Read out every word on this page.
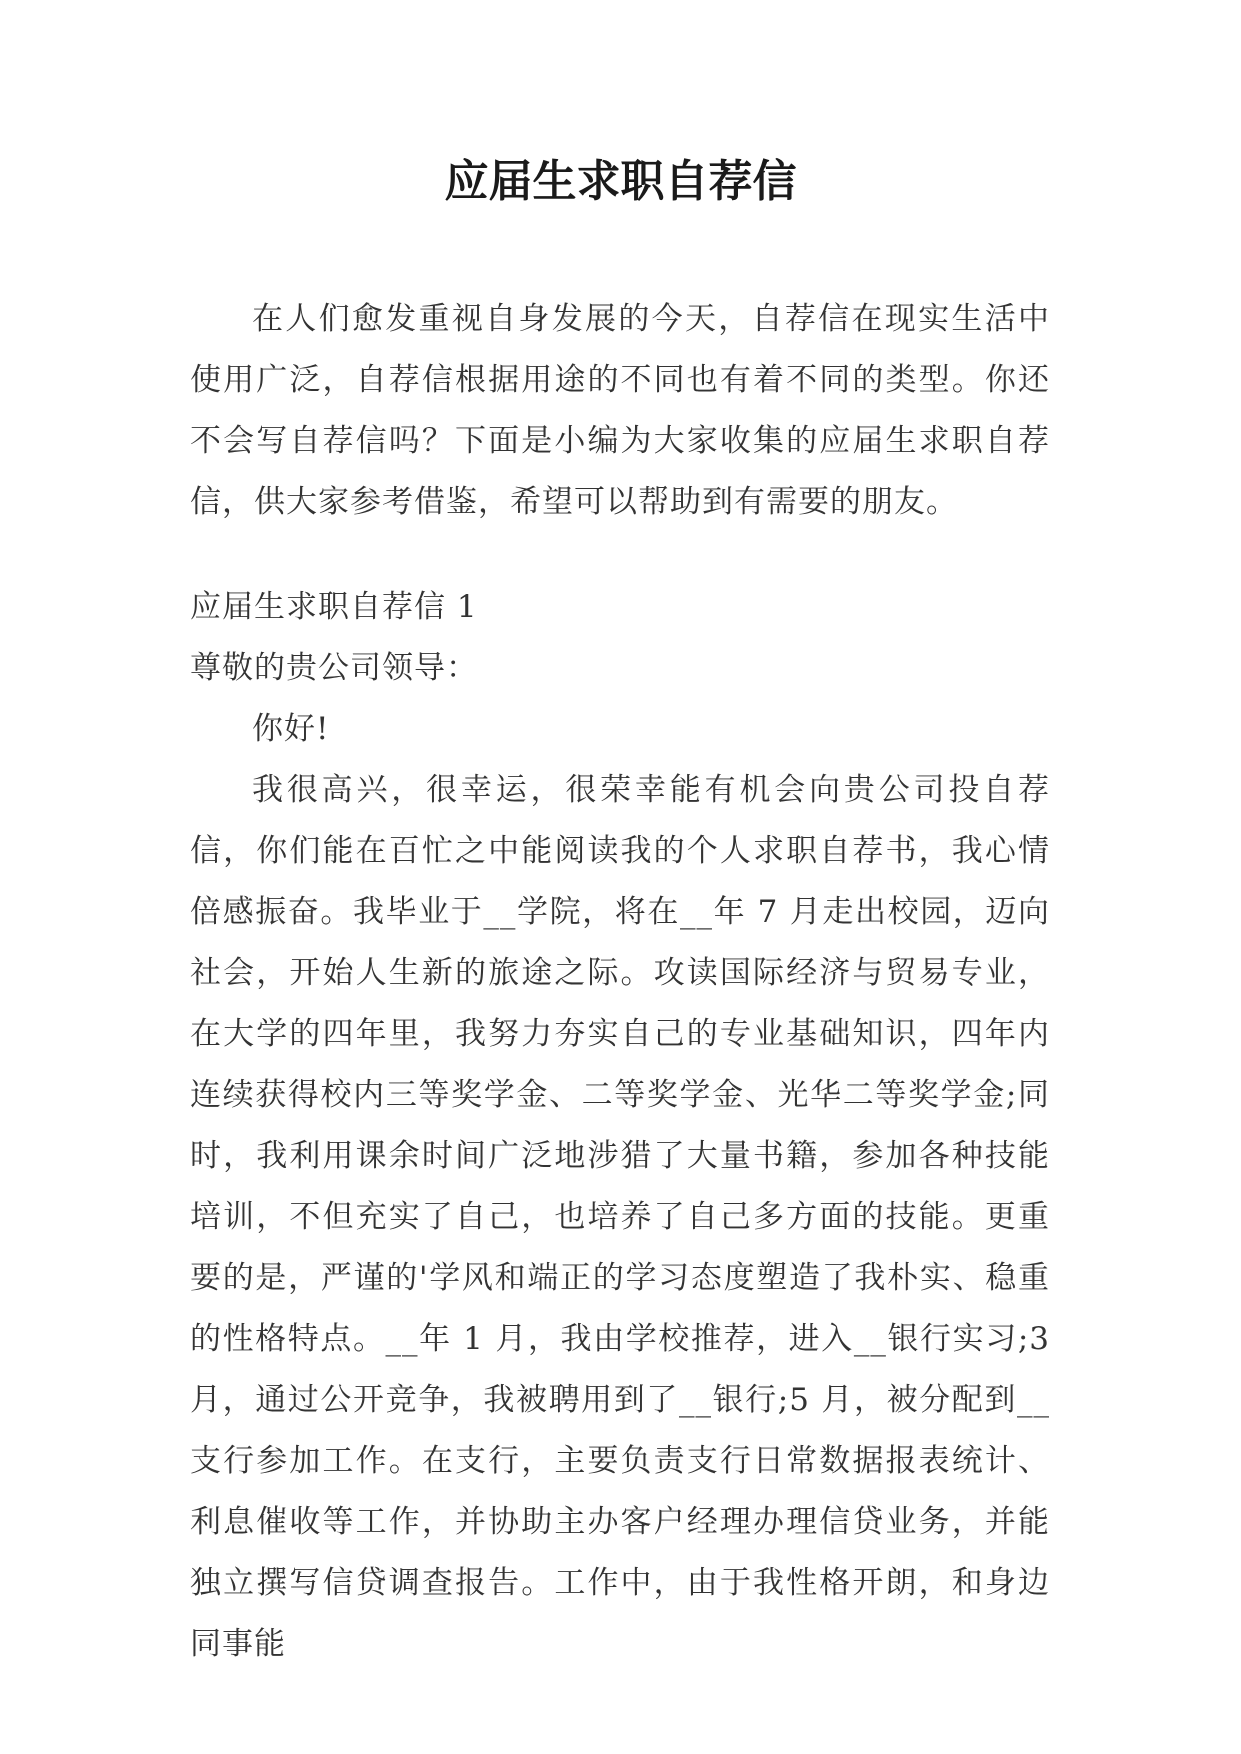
应届生求职自荐信

在人们愈发重视自身发展的今天，自荐信在现实生活中使用广泛，自荐信根据用途的不同也有着不同的类型。你还不会写自荐信吗？下面是小编为大家收集的应届生求职自荐信，供大家参考借鉴，希望可以帮助到有需要的朋友。

应届生求职自荐信 1

尊敬的贵公司领导：

你好!

我很高兴，很幸运，很荣幸能有机会向贵公司投自荐信，你们能在百忙之中能阅读我的个人求职自荐书，我心情倍感振奋。我毕业于__学院，将在__年 7 月走出校园，迈向社会，开始人生新的旅途之际。攻读国际经济与贸易专业，在大学的四年里，我努力夯实自己的专业基础知识，四年内连续获得校内三等奖学金、二等奖学金、光华二等奖学金;同时，我利用课余时间广泛地涉猎了大量书籍，参加各种技能培训，不但充实了自己，也培养了自己多方面的技能。更重要的是，严谨的'学风和端正的学习态度塑造了我朴实、稳重的性格特点。__年 1 月，我由学校推荐，进入__银行实习;3 月，通过公开竞争，我被聘用到了__银行;5 月，被分配到__支行参加工作。在支行，主要负责支行日常数据报表统计、利息催收等工作，并协助主办客户经理办理信贷业务，并能独立撰写信贷调查报告。工作中，由于我性格开朗，和身边同事能
